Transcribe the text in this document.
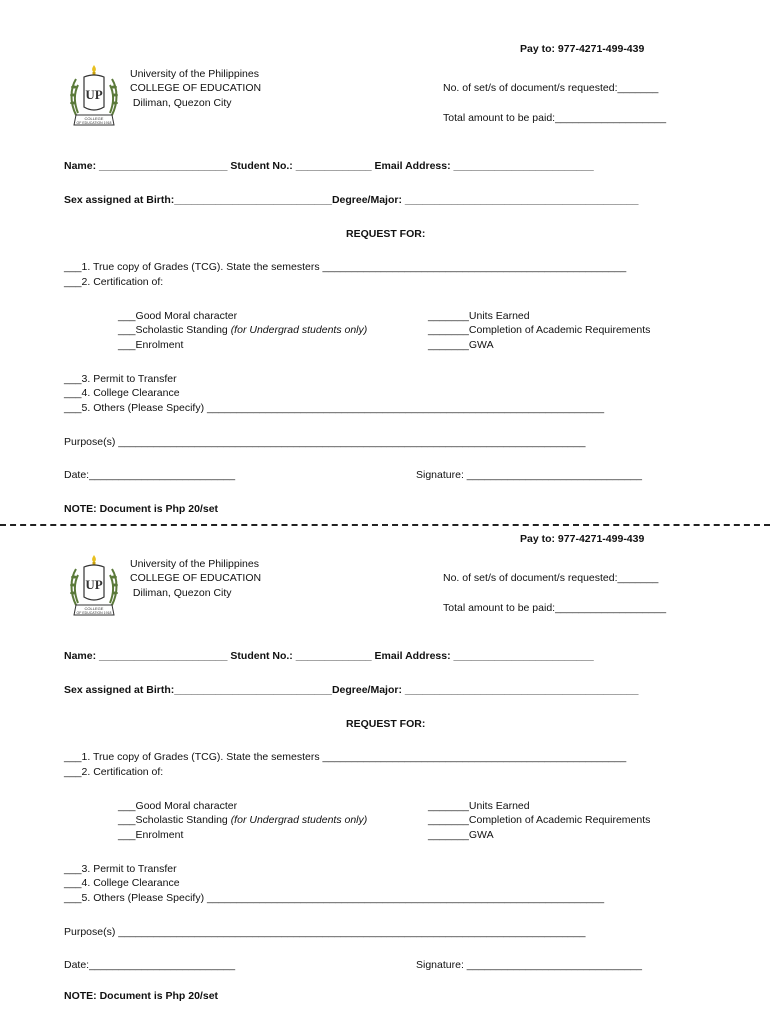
Pay to: 977-4271-499-439
UP
COLLEGE
OF EDUCATION 1918
University of the Philippines
COLLEGE OF EDUCATION
Diliman, Quezon City
No. of set/s of document/s requested:_______
Total amount to be paid:___________________
Name: ______________________ Student No.: _____________ Email Address: ________________________
Sex assigned at Birth:___________________________Degree/Major: ________________________________________
REQUEST FOR:
___1. True copy of Grades (TCG). State the semesters ____________________________________________________
___2. Certification of:
___Good Moral character
___Scholastic Standing (for Undergrad students only)
___Enrolment
_______Units Earned
_______Completion of Academic Requirements
_______GWA
___3. Permit to Transfer
___4. College Clearance
___5. Others (Please Specify) ____________________________________________________________________
Purpose(s) ________________________________________________________________________________
Date:_________________________	Signature: ______________________________
NOTE: Document is Php 20/set
Pay to: 977-4271-499-439
UP
COLLEGE
OF EDUCATION 1918
University of the Philippines
COLLEGE OF EDUCATION
Diliman, Quezon City
No. of set/s of document/s requested:_______
Total amount to be paid:___________________
Name: ______________________ Student No.: _____________ Email Address: ________________________
Sex assigned at Birth:___________________________Degree/Major: ________________________________________
REQUEST FOR:
___1. True copy of Grades (TCG). State the semesters ____________________________________________________
___2. Certification of:
___Good Moral character
___Scholastic Standing (for Undergrad students only)
___Enrolment
_______Units Earned
_______Completion of Academic Requirements
_______GWA
___3. Permit to Transfer
___4. College Clearance
___5. Others (Please Specify) ____________________________________________________________________
Purpose(s) ________________________________________________________________________________
Date:_________________________	Signature: ______________________________
NOTE: Document is Php 20/set
